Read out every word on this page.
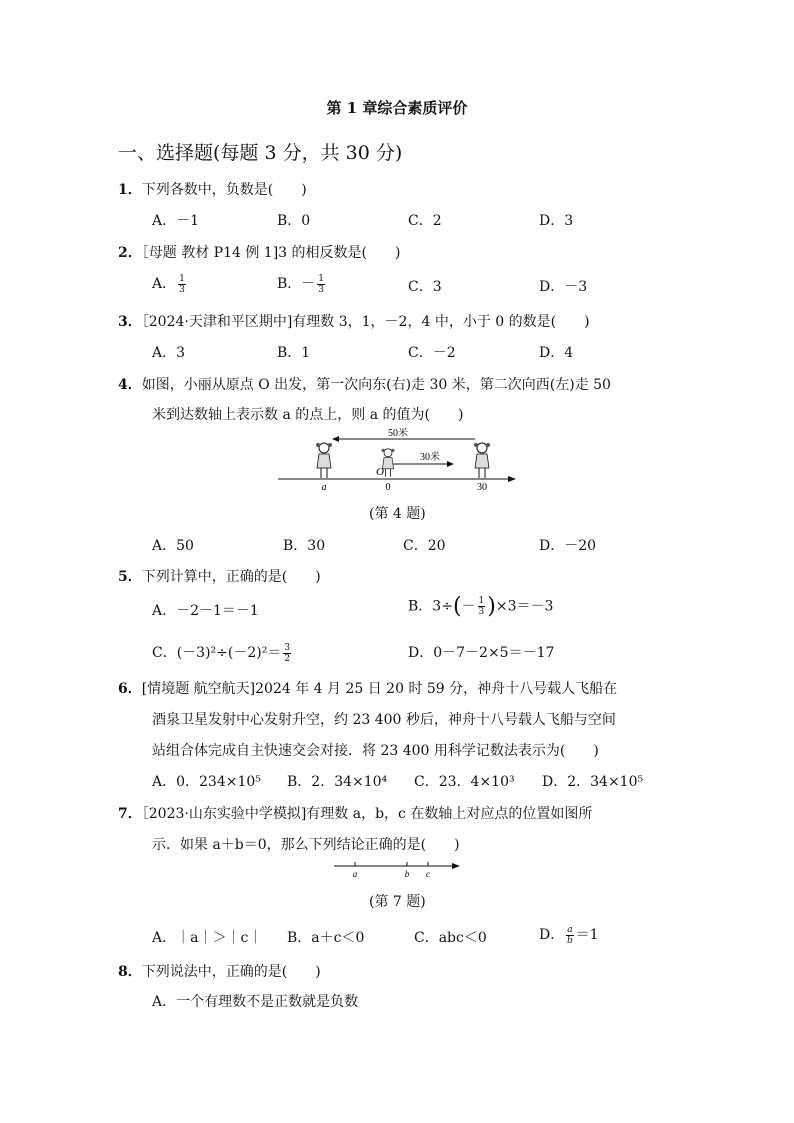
第 1 章综合素质评价
一、选择题(每题 3 分，共 30 分)
1．下列各数中，负数是(　　)
A．－1	B．0	C．2	D．3
2．［母题 教材 P14 例 1]3 的相反数是(　　)
A． $\frac{1}{3}$	B．－ $\frac{1}{3}$	C．3	D．－3
3．［2024·天津和平区期中]有理数 3，1，－2，4 中，小于 0 的数是(　　)
A．3	B．1	C．－2	D．4
4．如图，小丽从原点 O 出发，第一次向东(右)走 30 米，第二次向西(左)走 50
米到达数轴上表示数 a 的点上，则 a 的值为(　　)
50米
30米
O
a	0	30
(第 4 题)
A．50	B．30	C．20	D．－20
5．下列计算中，正确的是(　　)
A．－2－1＝－1	B．$3\div(- \frac{1}{3} )\times 3=-3$
C．$(-3)^2\div(-2)^2= \frac{3}{2}$	D．0－7－2×5＝－17
6．[情境题 航空航天]2024 年 4 月 25 日 20 时 59 分，神舟十八号载人飞船在
酒泉卫星发射中心发射升空，约 23 400 秒后，神舟十八号载人飞船与空间
站组合体完成自主快速交会对接．将 23 400 用科学记数法表示为(　　)
A．0．234×10⁵ B．2．34×10⁴ C．23．4×10³ D．2．34×10⁵
7．［2023·山东实验中学模拟]有理数 a，b，c 在数轴上对应点的位置如图所
示．如果 a＋b＝0，那么下列结论正确的是(　　)
a	b c
(第 7 题)
A．｜a｜＞｜c｜ B．a＋c＜0	C．abc＜0	D． $\frac{a}{b} =1$
8．下列说法中，正确的是(　　)
A．一个有理数不是正数就是负数
